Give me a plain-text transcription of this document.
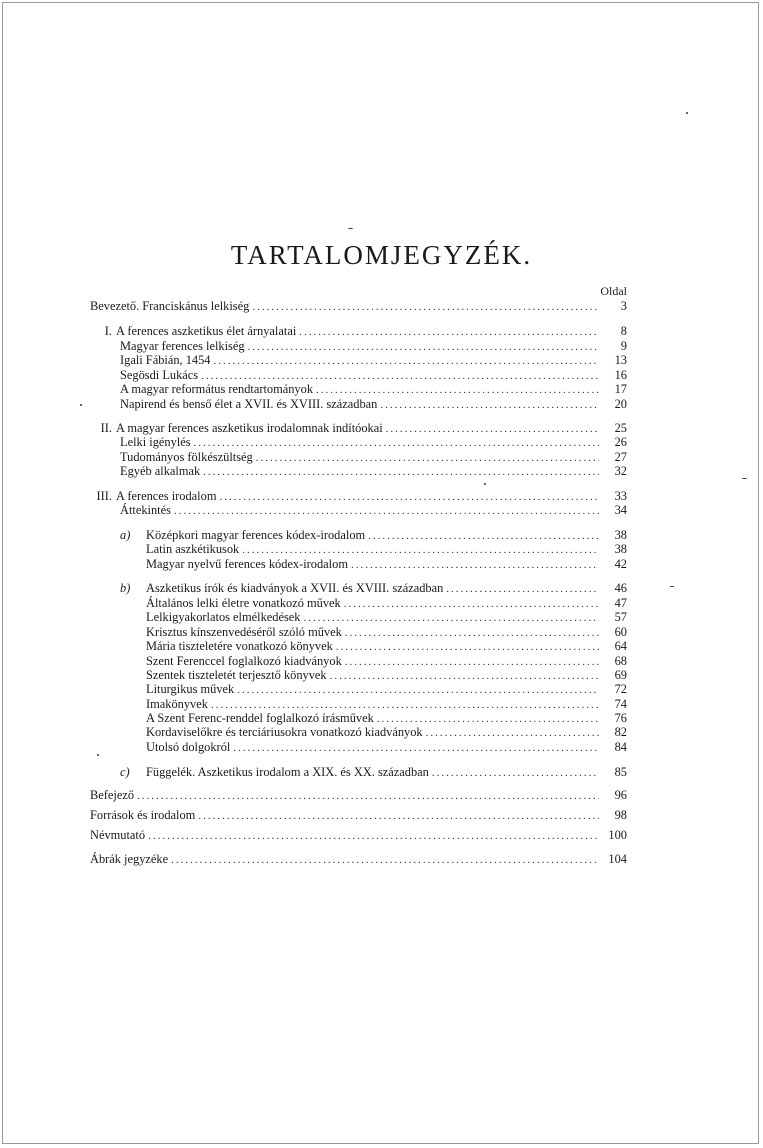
TARTALOMJEGYZÉK.
Oldal
Bevezető. Franciskánus lelkiség .....	3
I. A ferences aszketikus élet árnyalatai .....	8
Magyar ferences lelkiség .....	9
Igali Fábián, 1454 .....	13
Segösdi Lukács .....	16
A magyar református rendtartományok .....	17
Napirend és benső élet a XVII. és XVIII. században .....	20
II. A magyar ferences aszketikus irodalomnak indítóokai .....	25
Lelki igénylés .....	26
Tudományos fölkészültség .....	27
Egyéb alkalmak .....	32
III. A ferences irodalom .....	33
Áttekintés .....	34
a)	Középkori magyar ferences kódex-irodalom .....	38
Latin aszkétikusok .....	38
Magyar nyelvű ferences kódex-irodalom .....	42
b)	Aszketikus írók és kiadványok a XVII. és XVIII. században .....	46
Általános lelki életre vonatkozó művek .....	47
Lelkigyakorlatos elmélkedések .....	57
Krisztus kínszenvedéséről szóló művek .....	60
Mária tiszteletére vonatkozó könyvek .....	64
Szent Ferenccel foglalkozó kiadványok .....	68
Szentek tiszteletét terjesztő könyvek .....	69
Liturgikus művek .....	72
Imakönyvek .....	74
A Szent Ferenc-renddel foglalkozó írásművek .....	76
Kordaviselőkre és terciáriusokra vonatkozó kiadványok .....	82
Utolsó dolgokról .....	84
c)	Függelék. Aszketikus irodalom a XIX. és XX. században .....	85
Befejező .....	96
Források és irodalom .....	98
Névmutató .....	100
Ábrák jegyzéke .....	104
